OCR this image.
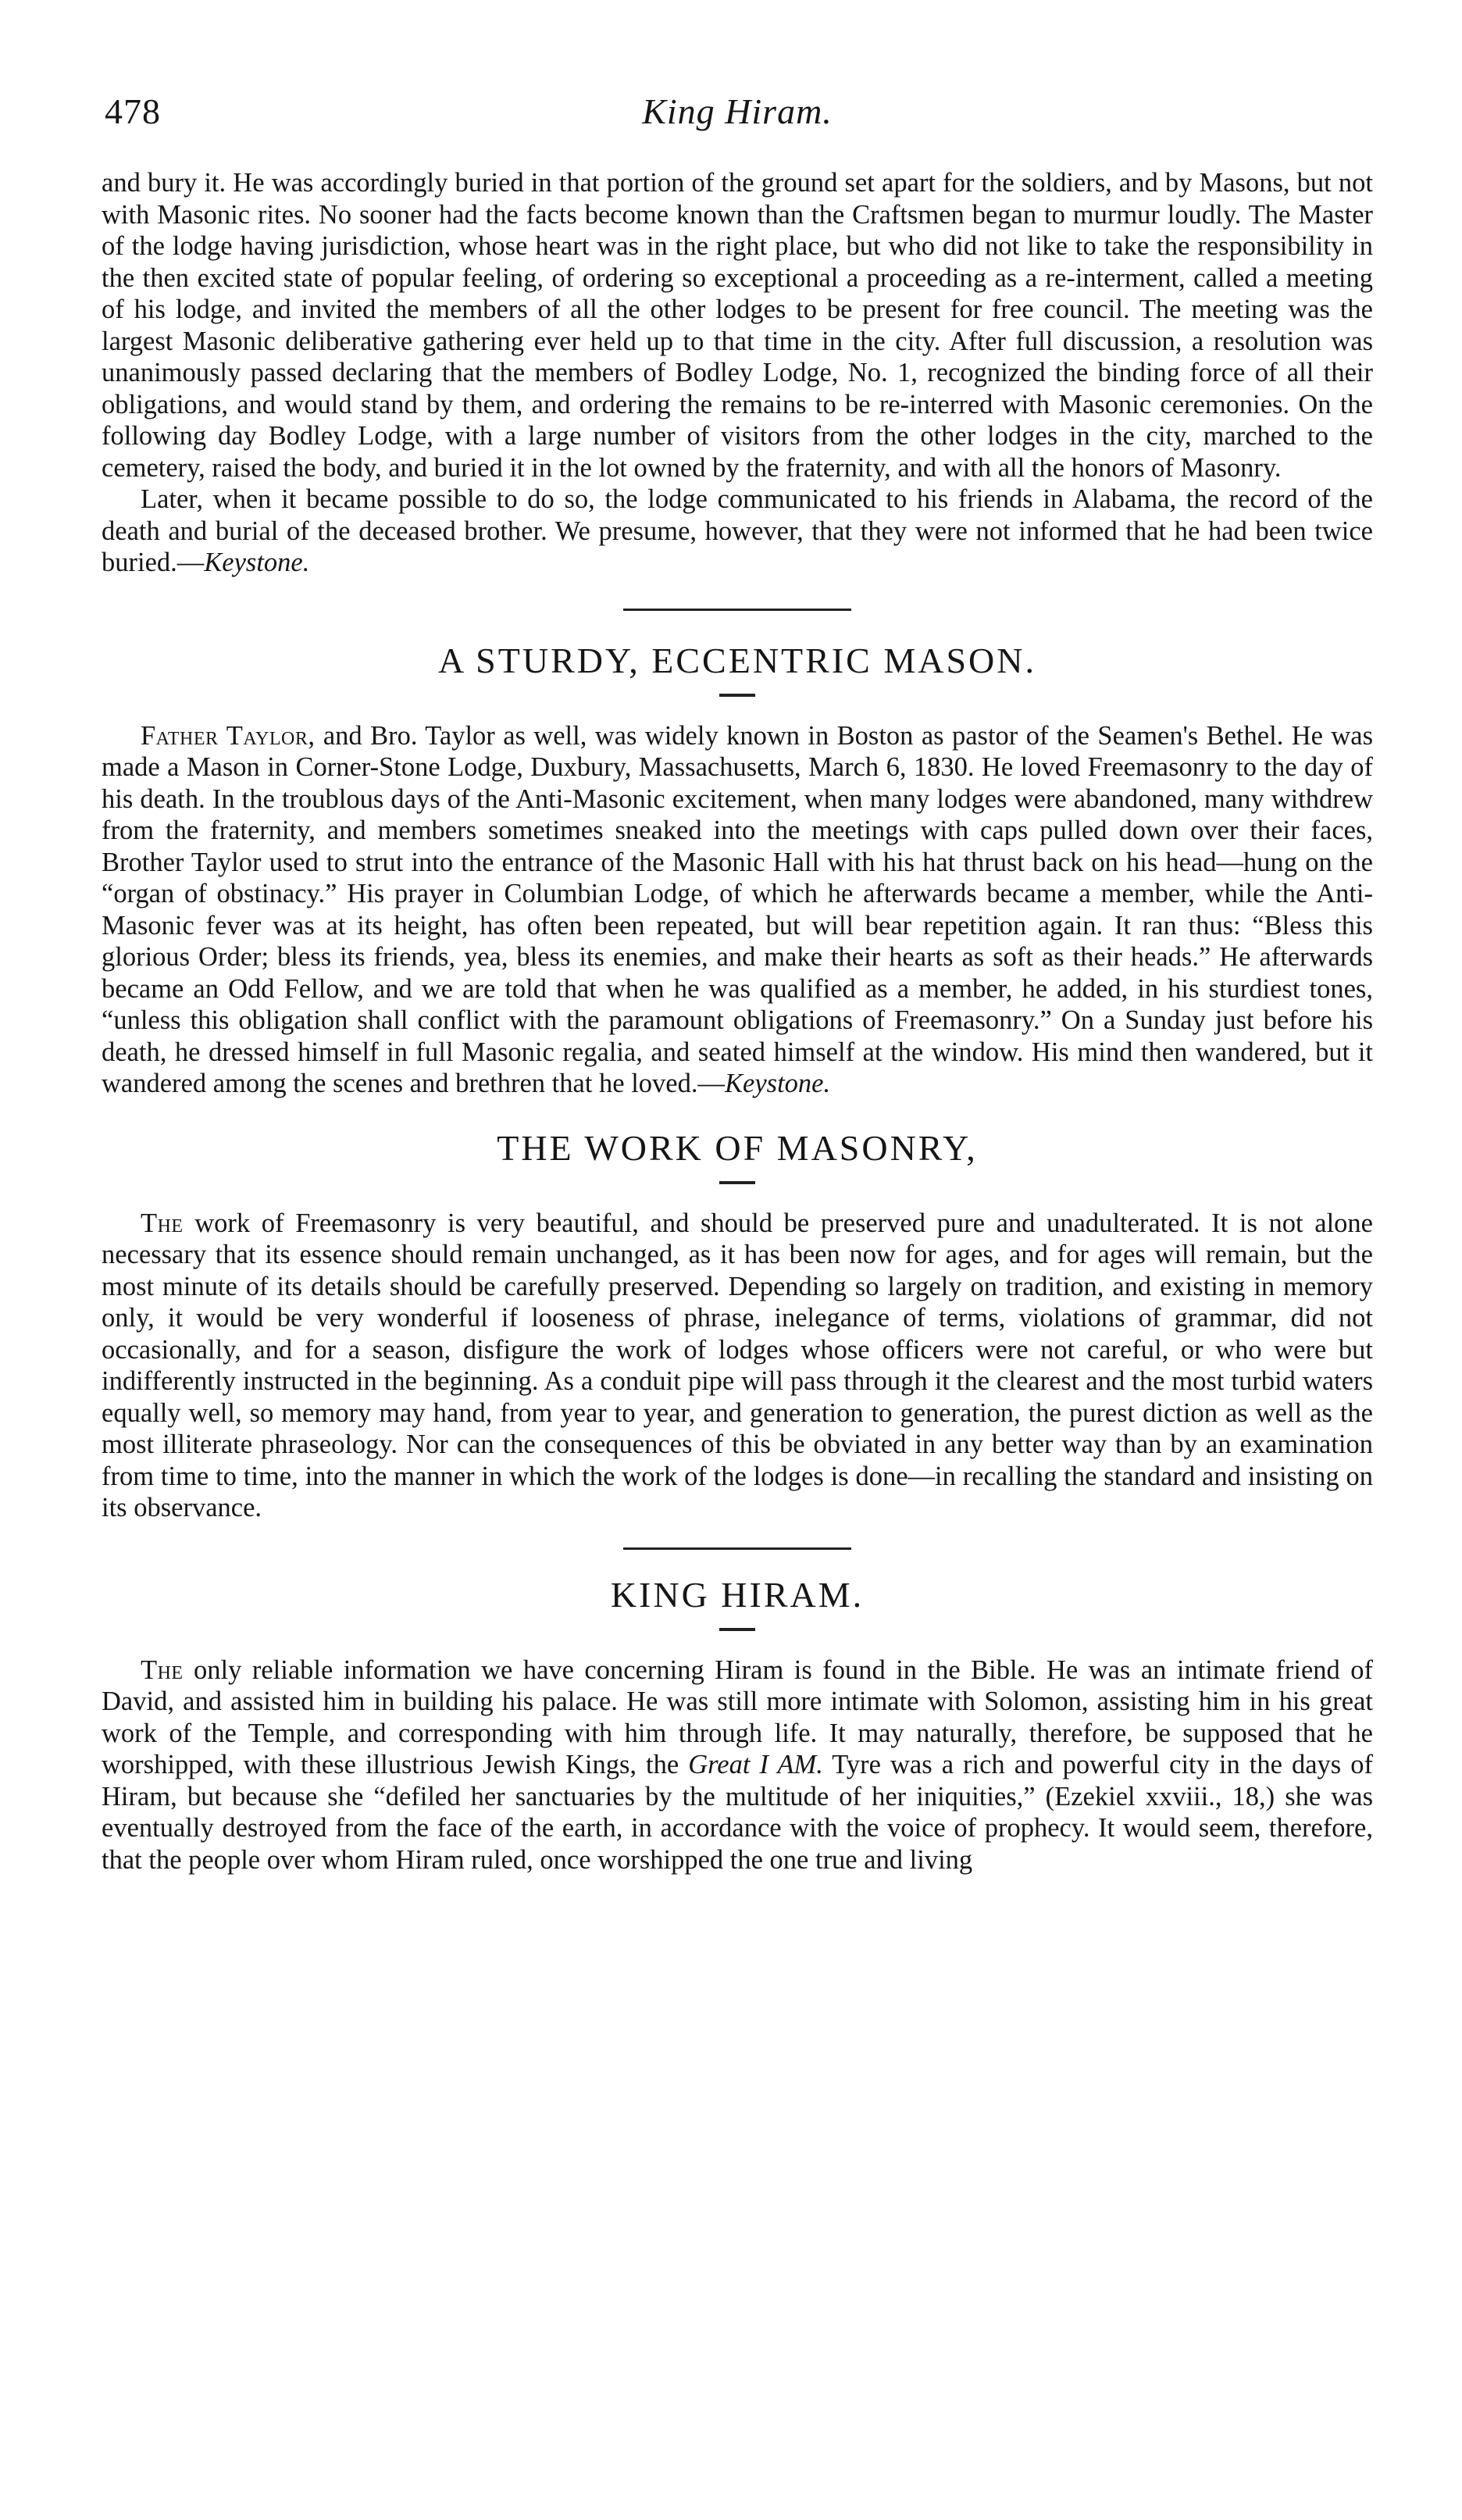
478	King Hiram.

and bury it. He was accordingly buried in that portion of the ground set apart for the soldiers, and by Masons, but not with Masonic rites. No sooner had the facts become known than the Craftsmen began to murmur loudly. The Master of the lodge having jurisdiction, whose heart was in the right place, but who did not like to take the responsibility in the then excited state of popular feeling, of ordering so exceptional a proceeding as a re-interment, called a meeting of his lodge, and invited the members of all the other lodges to be present for free council. The meeting was the largest Masonic deliberative gathering ever held up to that time in the city. After full discussion, a resolution was unanimously passed declaring that the members of Bodley Lodge, No. 1, recognized the binding force of all their obligations, and would stand by them, and ordering the remains to be re-interred with Masonic ceremonies. On the following day Bodley Lodge, with a large number of visitors from the other lodges in the city, marched to the cemetery, raised the body, and buried it in the lot owned by the fraternity, and with all the honors of Masonry.

Later, when it became possible to do so, the lodge communicated to his friends in Alabama, the record of the death and burial of the deceased brother. We presume, however, that they were not informed that he had been twice buried.—Keystone.

A STURDY, ECCENTRIC MASON.

Father Taylor, and Bro. Taylor as well, was widely known in Boston as pastor of the Seamen's Bethel. He was made a Mason in Corner-Stone Lodge, Duxbury, Massachusetts, March 6, 1830. He loved Freemasonry to the day of his death. In the troublous days of the Anti-Masonic excitement, when many lodges were abandoned, many withdrew from the fraternity, and members sometimes sneaked into the meetings with caps pulled down over their faces, Brother Taylor used to strut into the entrance of the Masonic Hall with his hat thrust back on his head—hung on the “organ of obstinacy.” His prayer in Columbian Lodge, of which he afterwards became a member, while the Anti-Masonic fever was at its height, has often been repeated, but will bear repetition again. It ran thus: “Bless this glorious Order; bless its friends, yea, bless its enemies, and make their hearts as soft as their heads.” He afterwards became an Odd Fellow, and we are told that when he was qualified as a member, he added, in his sturdiest tones, “unless this obligation shall conflict with the paramount obligations of Freemasonry.” On a Sunday just before his death, he dressed himself in full Masonic regalia, and seated himself at the window. His mind then wandered, but it wandered among the scenes and brethren that he loved.—Keystone.

THE WORK OF MASONRY,

The work of Freemasonry is very beautiful, and should be preserved pure and unadulterated. It is not alone necessary that its essence should remain unchanged, as it has been now for ages, and for ages will remain, but the most minute of its details should be carefully preserved. Depending so largely on tradition, and existing in memory only, it would be very wonderful if looseness of phrase, inelegance of terms, violations of grammar, did not occasionally, and for a season, disfigure the work of lodges whose officers were not careful, or who were but indifferently instructed in the beginning. As a conduit pipe will pass through it the clearest and the most turbid waters equally well, so memory may hand, from year to year, and generation to generation, the purest diction as well as the most illiterate phraseology. Nor can the consequences of this be obviated in any better way than by an examination from time to time, into the manner in which the work of the lodges is done—in recalling the standard and insisting on its observance.

KING HIRAM.

The only reliable information we have concerning Hiram is found in the Bible. He was an intimate friend of David, and assisted him in building his palace. He was still more intimate with Solomon, assisting him in his great work of the Temple, and corresponding with him through life. It may naturally, therefore, be supposed that he worshipped, with these illustrious Jewish Kings, the Great I AM. Tyre was a rich and powerful city in the days of Hiram, but because she “defiled her sanctuaries by the multitude of her iniquities,” (Ezekiel xxviii., 18,) she was eventually destroyed from the face of the earth, in accordance with the voice of prophecy. It would seem, therefore, that the people over whom Hiram ruled, once worshipped the one true and living
